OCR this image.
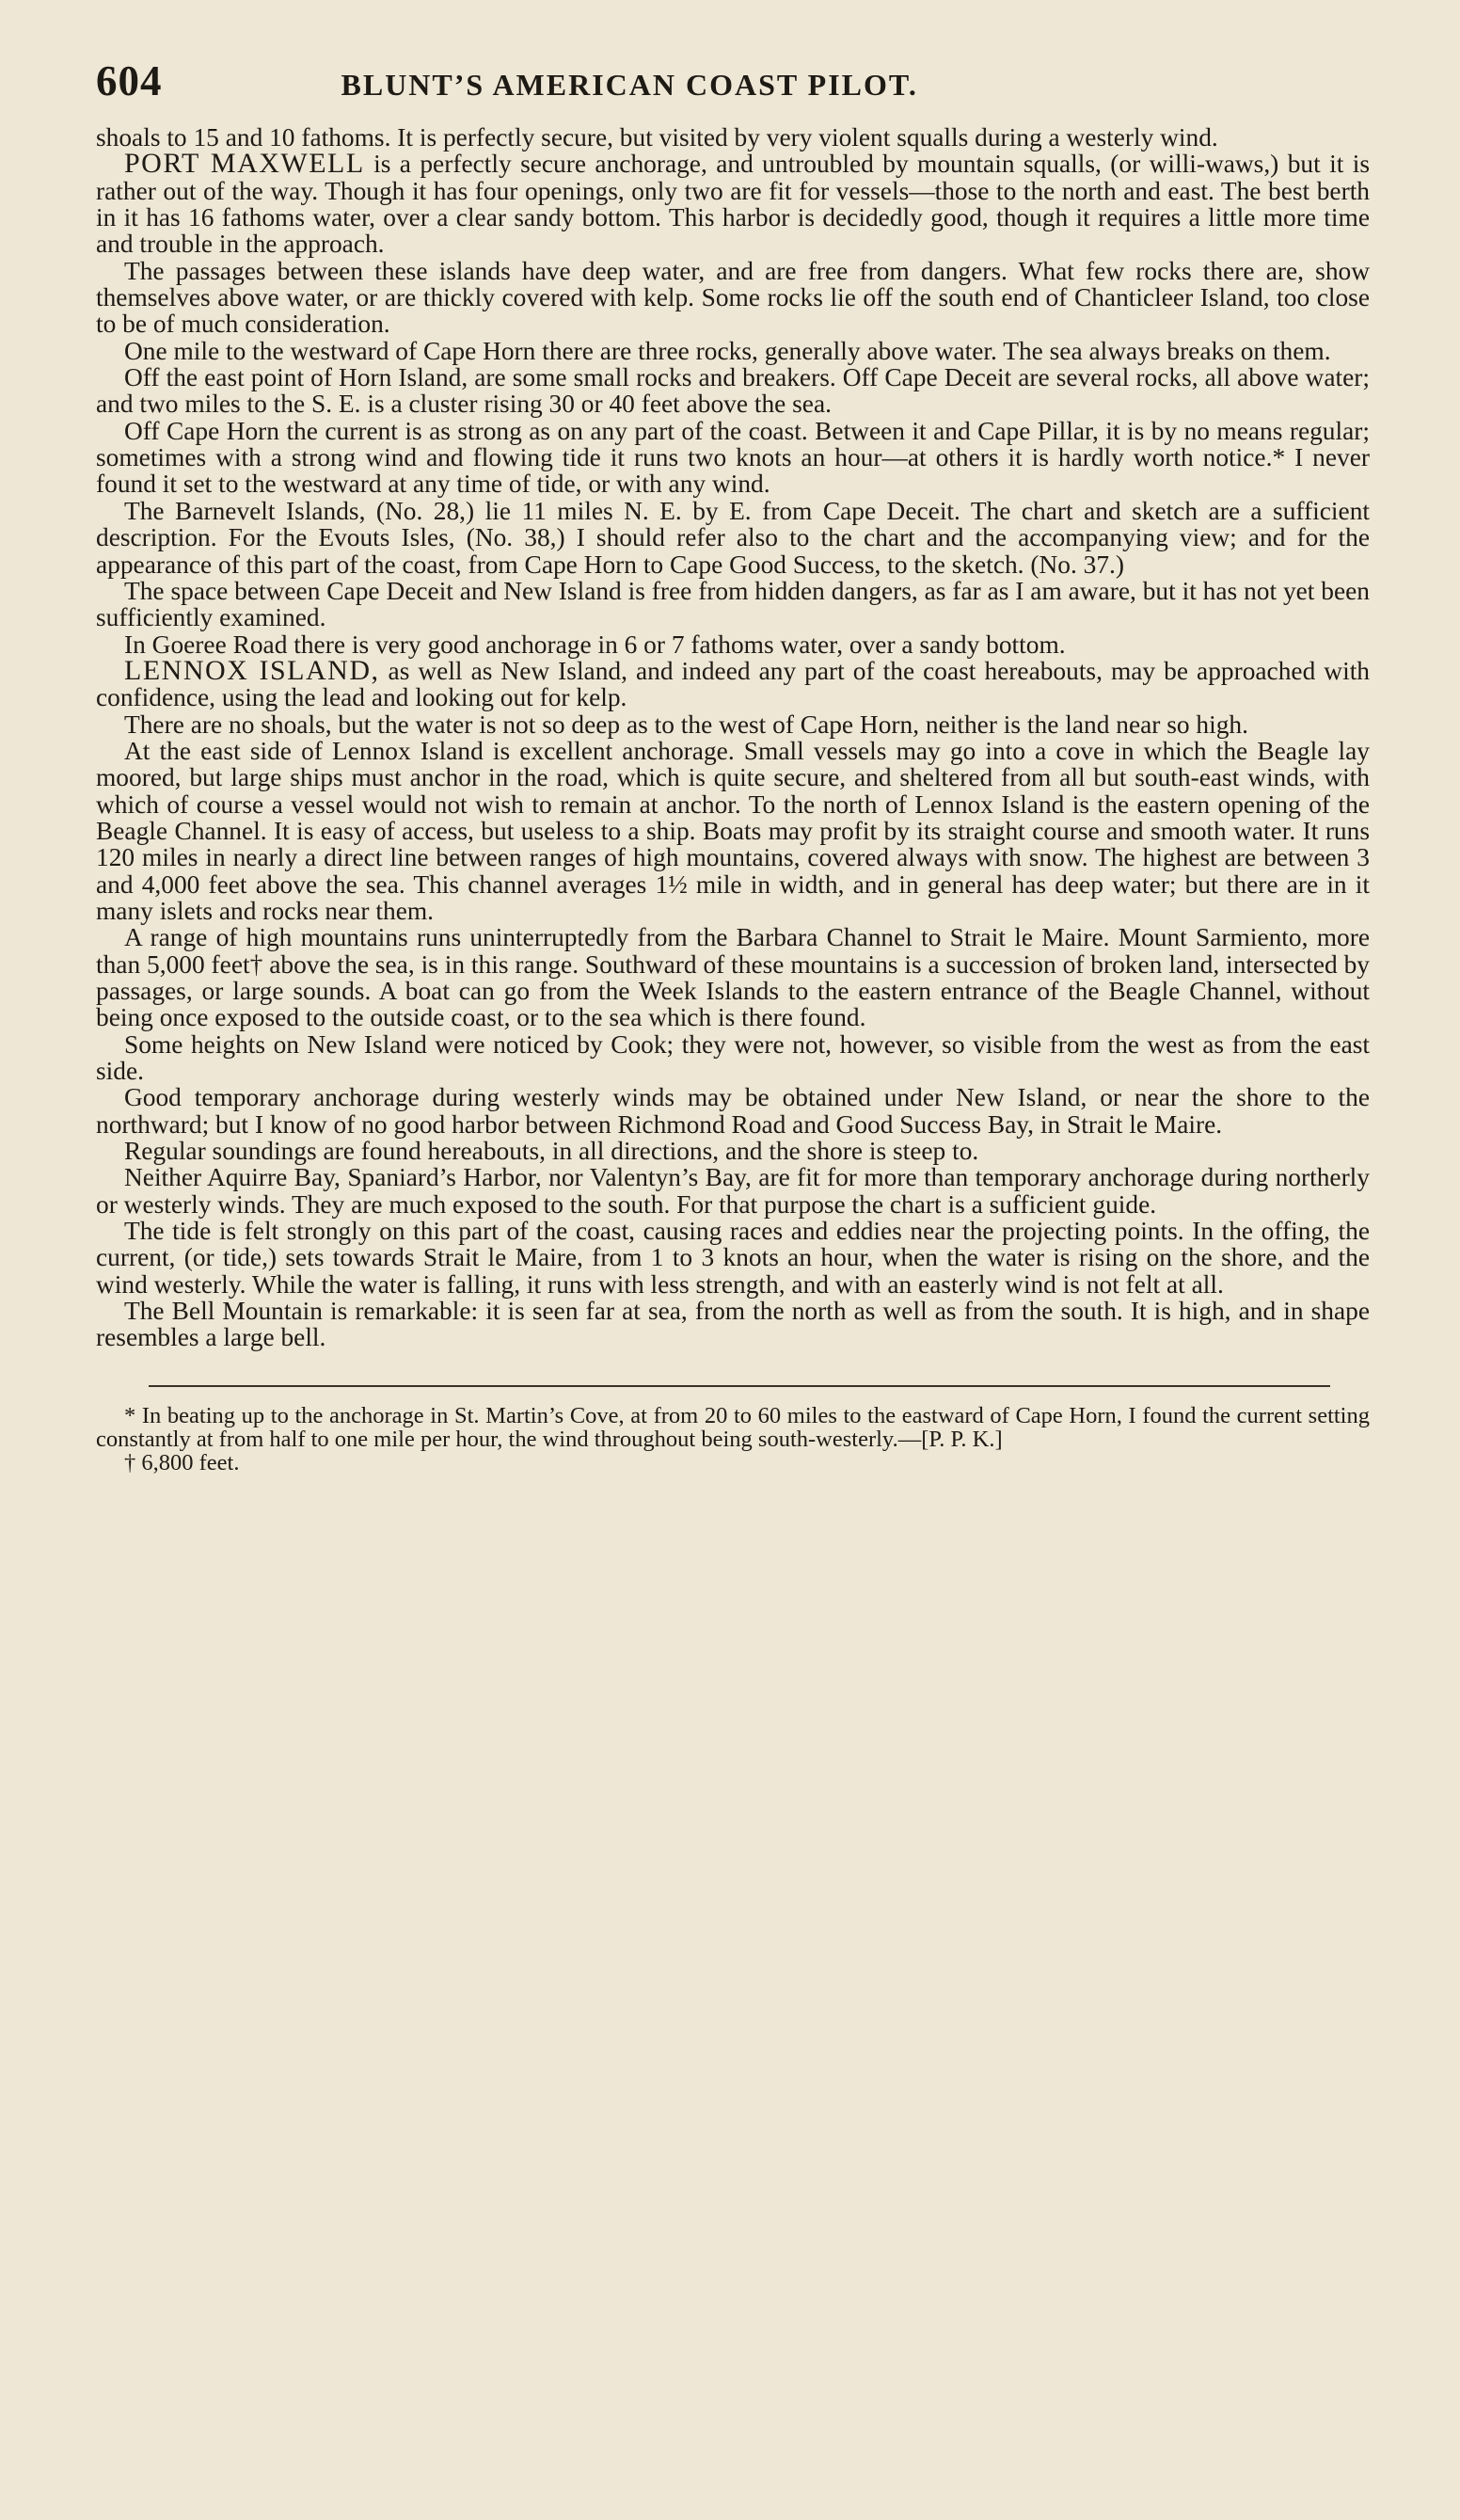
604	BLUNT’S AMERICAN COAST PILOT.

shoals to 15 and 10 fathoms. It is perfectly secure, but visited by very violent squalls during a westerly wind.

PORT MAXWELL is a perfectly secure anchorage, and untroubled by mountain squalls, (or willi-waws,) but it is rather out of the way. Though it has four openings, only two are fit for vessels—those to the north and east. The best berth in it has 16 fathoms water, over a clear sandy bottom. This harbor is decidedly good, though it requires a little more time and trouble in the approach.

The passages between these islands have deep water, and are free from dangers. What few rocks there are, show themselves above water, or are thickly covered with kelp. Some rocks lie off the south end of Chanticleer Island, too close to be of much consideration.

One mile to the westward of Cape Horn there are three rocks, generally above water. The sea always breaks on them.

Off the east point of Horn Island, are some small rocks and breakers. Off Cape Deceit are several rocks, all above water; and two miles to the S. E. is a cluster rising 30 or 40 feet above the sea.

Off Cape Horn the current is as strong as on any part of the coast. Between it and Cape Pillar, it is by no means regular; sometimes with a strong wind and flowing tide it runs two knots an hour—at others it is hardly worth notice.* I never found it set to the westward at any time of tide, or with any wind.

The Barnevelt Islands, (No. 28,) lie 11 miles N. E. by E. from Cape Deceit. The chart and sketch are a sufficient description. For the Evouts Isles, (No. 38,) I should refer also to the chart and the accompanying view; and for the appearance of this part of the coast, from Cape Horn to Cape Good Success, to the sketch. (No. 37.)

The space between Cape Deceit and New Island is free from hidden dangers, as far as I am aware, but it has not yet been sufficiently examined.

In Goeree Road there is very good anchorage in 6 or 7 fathoms water, over a sandy bottom.

LENNOX ISLAND, as well as New Island, and indeed any part of the coast hereabouts, may be approached with confidence, using the lead and looking out for kelp.

There are no shoals, but the water is not so deep as to the west of Cape Horn, neither is the land near so high.

At the east side of Lennox Island is excellent anchorage. Small vessels may go into a cove in which the Beagle lay moored, but large ships must anchor in the road, which is quite secure, and sheltered from all but south-east winds, with which of course a vessel would not wish to remain at anchor. To the north of Lennox Island is the eastern opening of the Beagle Channel. It is easy of access, but useless to a ship. Boats may profit by its straight course and smooth water. It runs 120 miles in nearly a direct line between ranges of high mountains, covered always with snow. The highest are between 3 and 4,000 feet above the sea. This channel averages 1½ mile in width, and in general has deep water; but there are in it many islets and rocks near them.

A range of high mountains runs uninterruptedly from the Barbara Channel to Strait le Maire. Mount Sarmiento, more than 5,000 feet† above the sea, is in this range. Southward of these mountains is a succession of broken land, intersected by passages, or large sounds. A boat can go from the Week Islands to the eastern entrance of the Beagle Channel, without being once exposed to the outside coast, or to the sea which is there found.

Some heights on New Island were noticed by Cook; they were not, however, so visible from the west as from the east side.

Good temporary anchorage during westerly winds may be obtained under New Island, or near the shore to the northward; but I know of no good harbor between Richmond Road and Good Success Bay, in Strait le Maire.

Regular soundings are found hereabouts, in all directions, and the shore is steep to.

Neither Aquirre Bay, Spaniard’s Harbor, nor Valentyn’s Bay, are fit for more than temporary anchorage during northerly or westerly winds. They are much exposed to the south. For that purpose the chart is a sufficient guide.

The tide is felt strongly on this part of the coast, causing races and eddies near the projecting points. In the offing, the current, (or tide,) sets towards Strait le Maire, from 1 to 3 knots an hour, when the water is rising on the shore, and the wind westerly. While the water is falling, it runs with less strength, and with an easterly wind is not felt at all.

The Bell Mountain is remarkable: it is seen far at sea, from the north as well as from the south. It is high, and in shape resembles a large bell.

* In beating up to the anchorage in St. Martin’s Cove, at from 20 to 60 miles to the eastward of Cape Horn, I found the current setting constantly at from half to one mile per hour, the wind throughout being south-westerly.—[P. P. K.]

† 6,800 feet.
